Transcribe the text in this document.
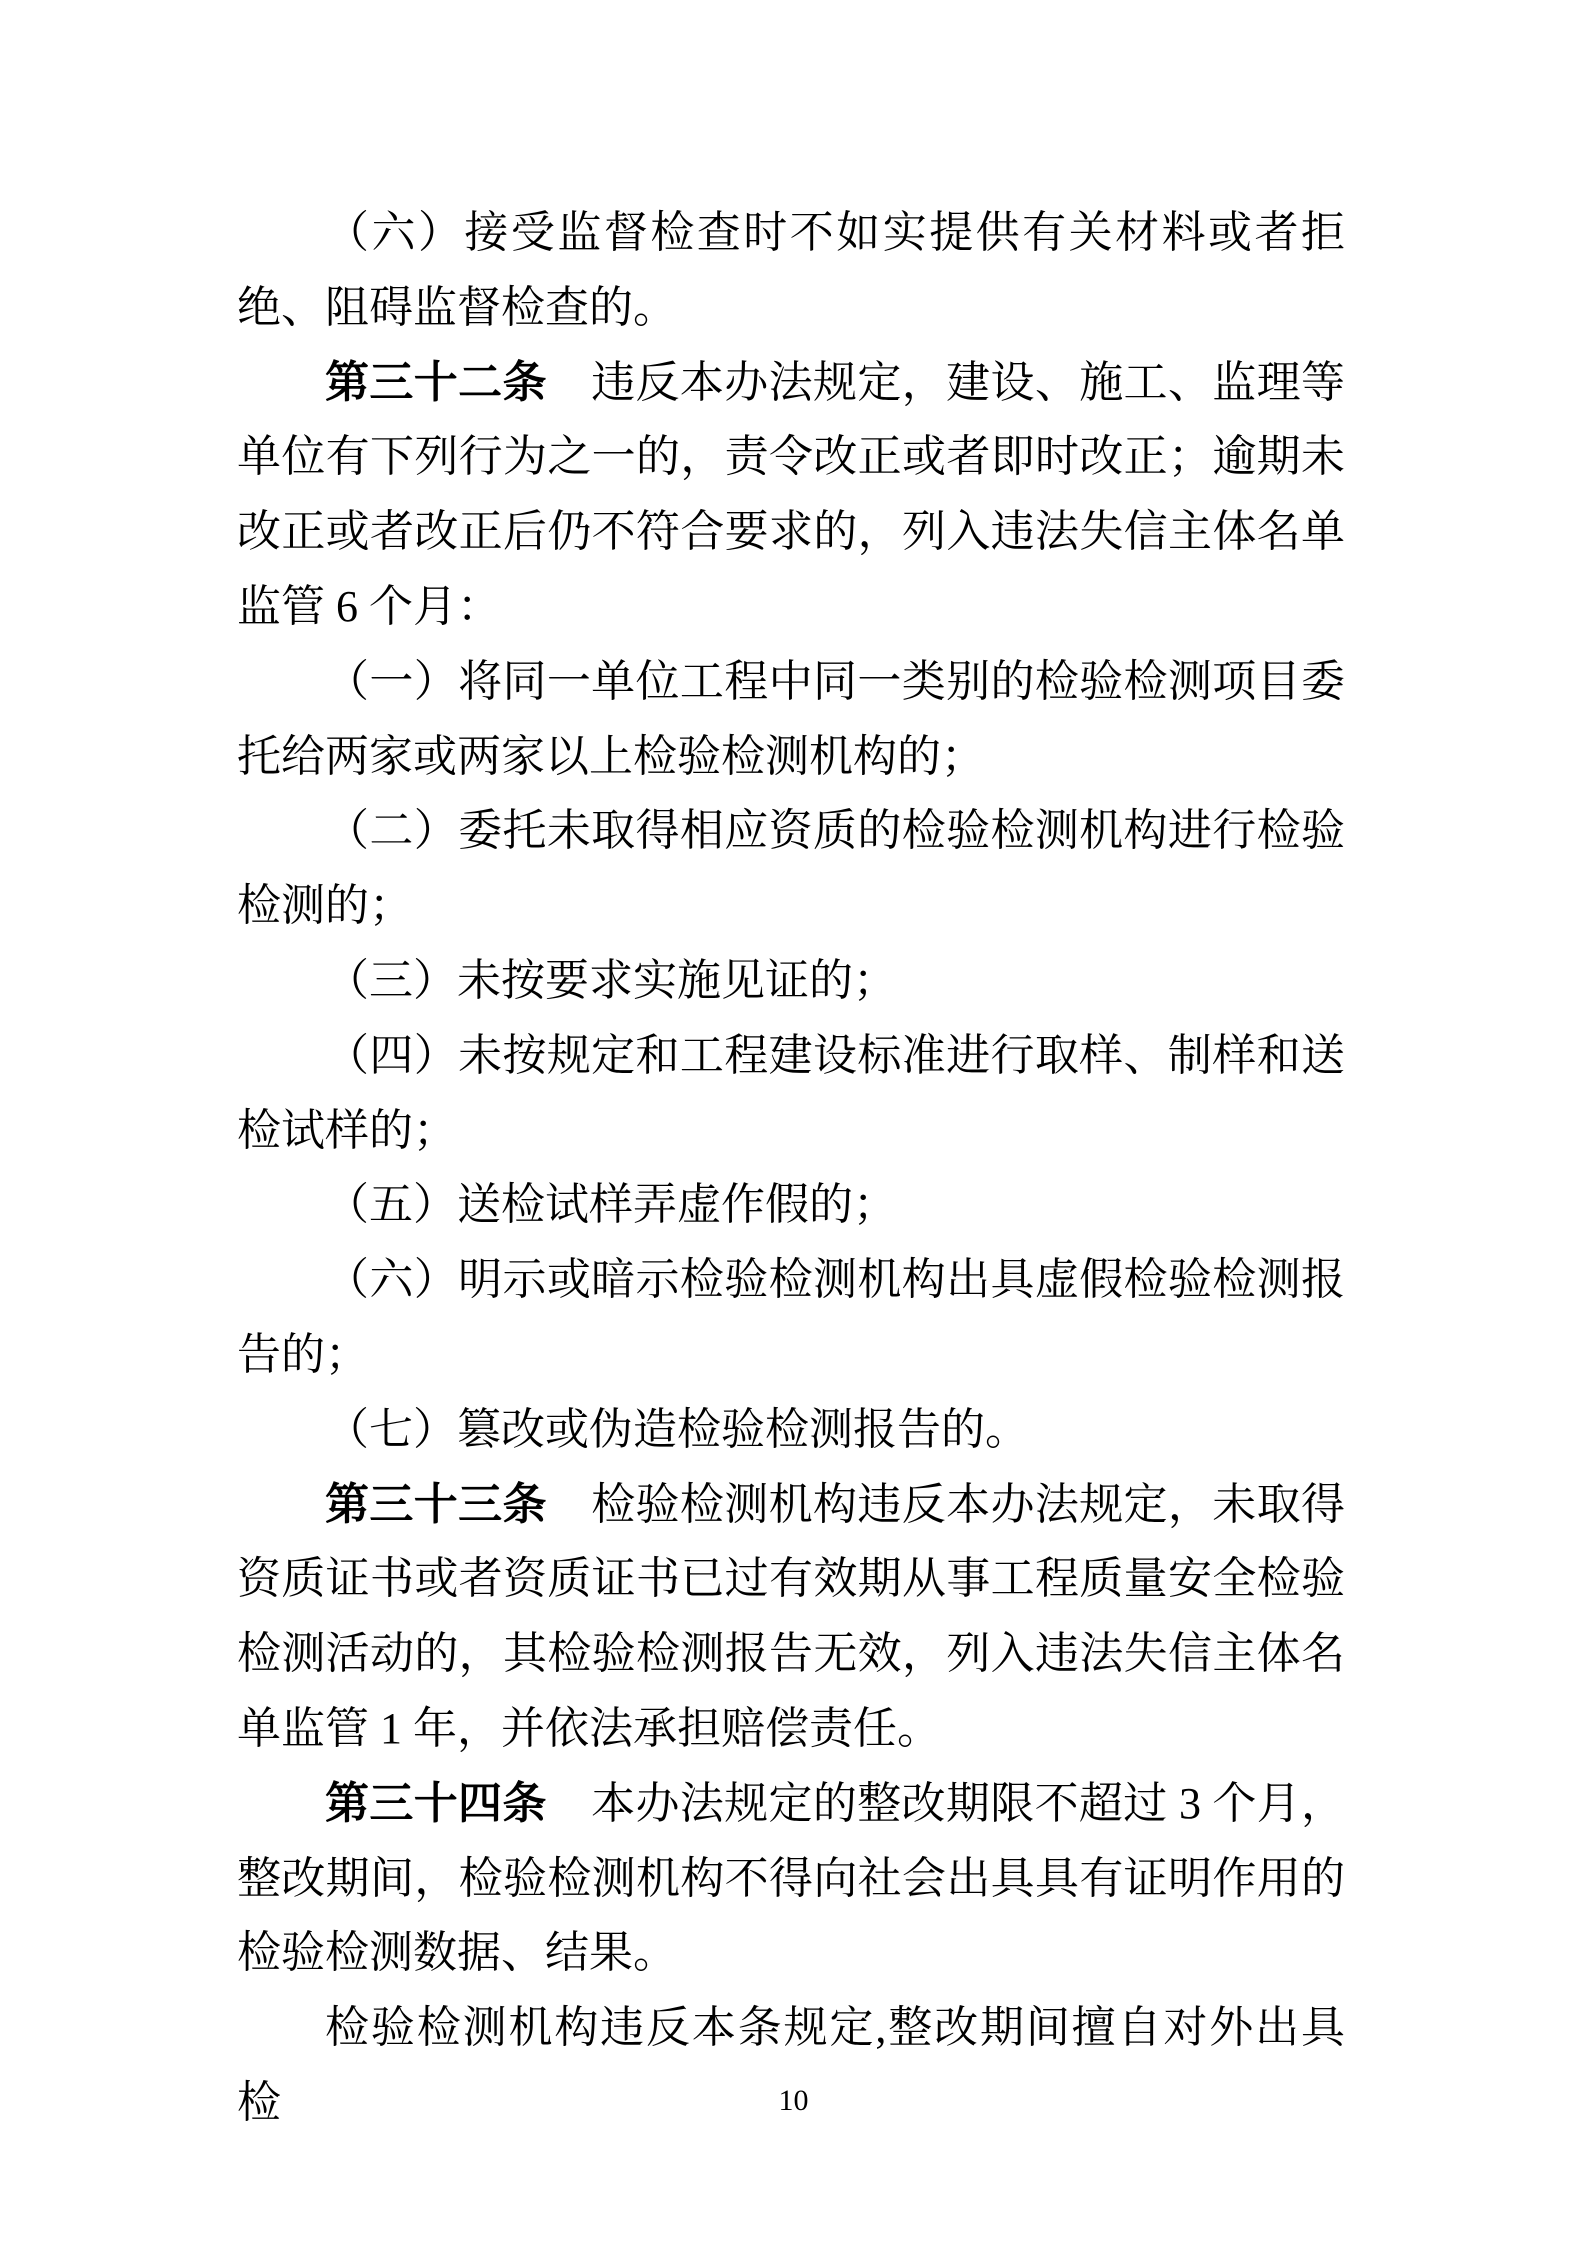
（六）接受监督检查时不如实提供有关材料或者拒绝、阻碍监督检查的。

第三十二条　违反本办法规定，建设、施工、监理等单位有下列行为之一的，责令改正或者即时改正；逾期未改正或者改正后仍不符合要求的，列入违法失信主体名单监管 6 个月：

（一）将同一单位工程中同一类别的检验检测项目委托给两家或两家以上检验检测机构的；

（二）委托未取得相应资质的检验检测机构进行检验检测的；

（三）未按要求实施见证的；

（四）未按规定和工程建设标准进行取样、制样和送检试样的；

（五）送检试样弄虚作假的；

（六）明示或暗示检验检测机构出具虚假检验检测报告的；

（七）篡改或伪造检验检测报告的。

第三十三条　检验检测机构违反本办法规定，未取得资质证书或者资质证书已过有效期从事工程质量安全检验检测活动的，其检验检测报告无效，列入违法失信主体名单监管 1 年，并依法承担赔偿责任。

第三十四条　本办法规定的整改期限不超过 3 个月，整改期间，检验检测机构不得向社会出具具有证明作用的检验检测数据、结果。

检验检测机构违反本条规定,整改期间擅自对外出具检	10
